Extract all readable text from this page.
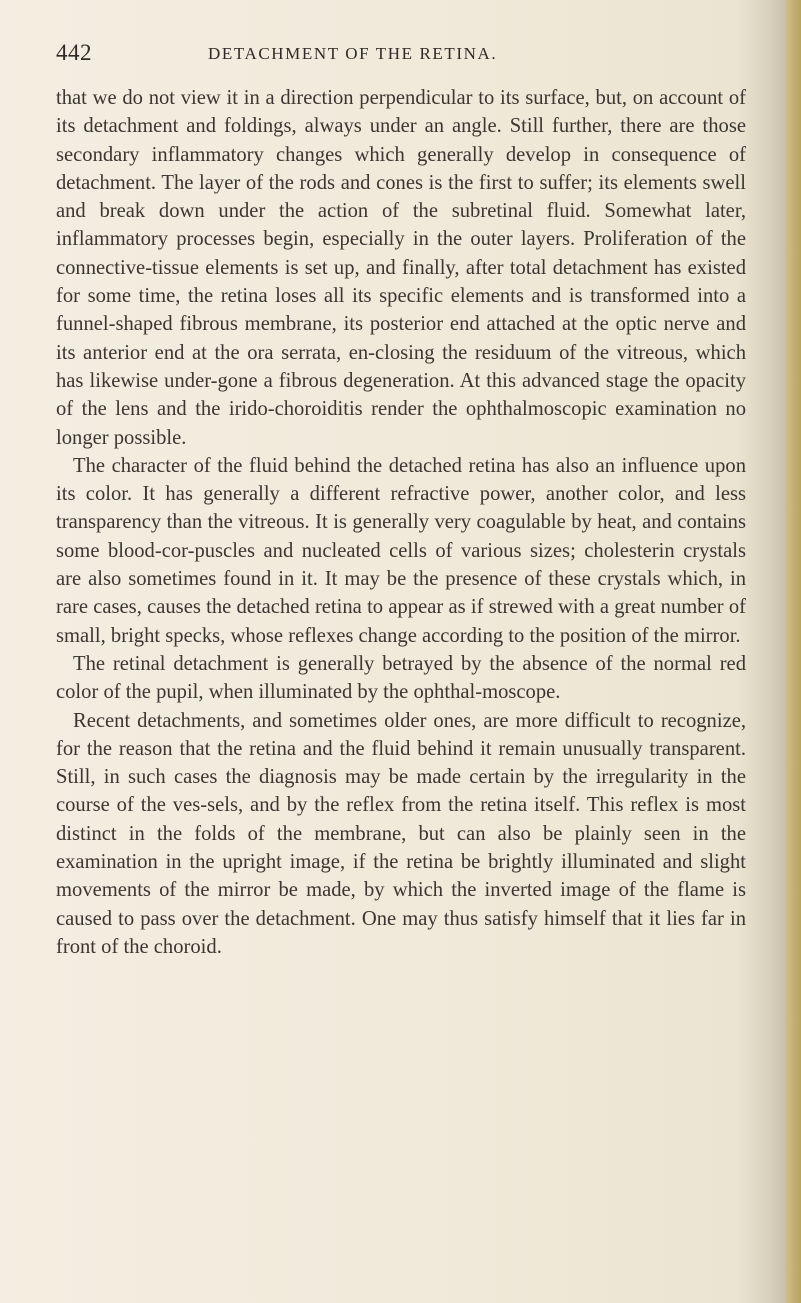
442	DETACHMENT OF THE RETINA.

that we do not view it in a direction perpendicular to its surface, but, on account of its detachment and foldings, always under an angle. Still further, there are those secondary inflammatory changes which generally develop in consequence of detachment. The layer of the rods and cones is the first to suffer; its elements swell and break down under the action of the subretinal fluid. Somewhat later, inflammatory processes begin, especially in the outer layers. Proliferation of the connective-tissue elements is set up, and finally, after total detachment has existed for some time, the retina loses all its specific elements and is transformed into a funnel-shaped fibrous membrane, its posterior end attached at the optic nerve and its anterior end at the ora serrata, en-closing the residuum of the vitreous, which has likewise under-gone a fibrous degeneration. At this advanced stage the opacity of the lens and the irido-choroiditis render the ophthalmoscopic examination no longer possible.

The character of the fluid behind the detached retina has also an influence upon its color. It has generally a different refractive power, another color, and less transparency than the vitreous. It is generally very coagulable by heat, and contains some blood-cor-puscles and nucleated cells of various sizes; cholesterin crystals are also sometimes found in it. It may be the presence of these crystals which, in rare cases, causes the detached retina to appear as if strewed with a great number of small, bright specks, whose reflexes change according to the position of the mirror.

The retinal detachment is generally betrayed by the absence of the normal red color of the pupil, when illuminated by the ophthal-moscope.

Recent detachments, and sometimes older ones, are more difficult to recognize, for the reason that the retina and the fluid behind it remain unusually transparent. Still, in such cases the diagnosis may be made certain by the irregularity in the course of the ves-sels, and by the reflex from the retina itself. This reflex is most distinct in the folds of the membrane, but can also be plainly seen in the examination in the upright image, if the retina be brightly illuminated and slight movements of the mirror be made, by which the inverted image of the flame is caused to pass over the detachment. One may thus satisfy himself that it lies far in front of the choroid.
